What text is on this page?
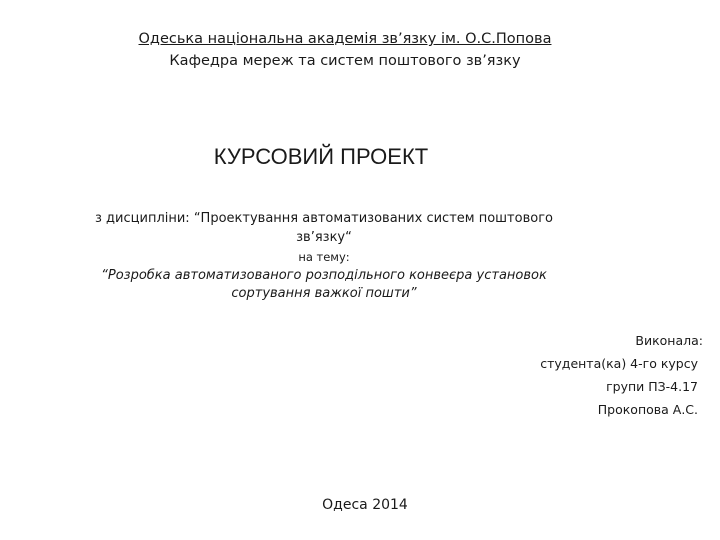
Одеська національна академія зв’язку ім. О.С.Попова
Кафедра мереж та систем поштового зв’язку
КУРСОВИЙ ПРОЕКТ
з дисципліни: “Проектування автоматизованих систем поштового
зв’язку“
на тему:
“Розробка автоматизованого розподільного конвеєра установок
сортування важкої пошти”
Виконала:
студента(ка) 4-го курсу
групи ПЗ-4.17
Прокопова А.С.
Одеса 2014
